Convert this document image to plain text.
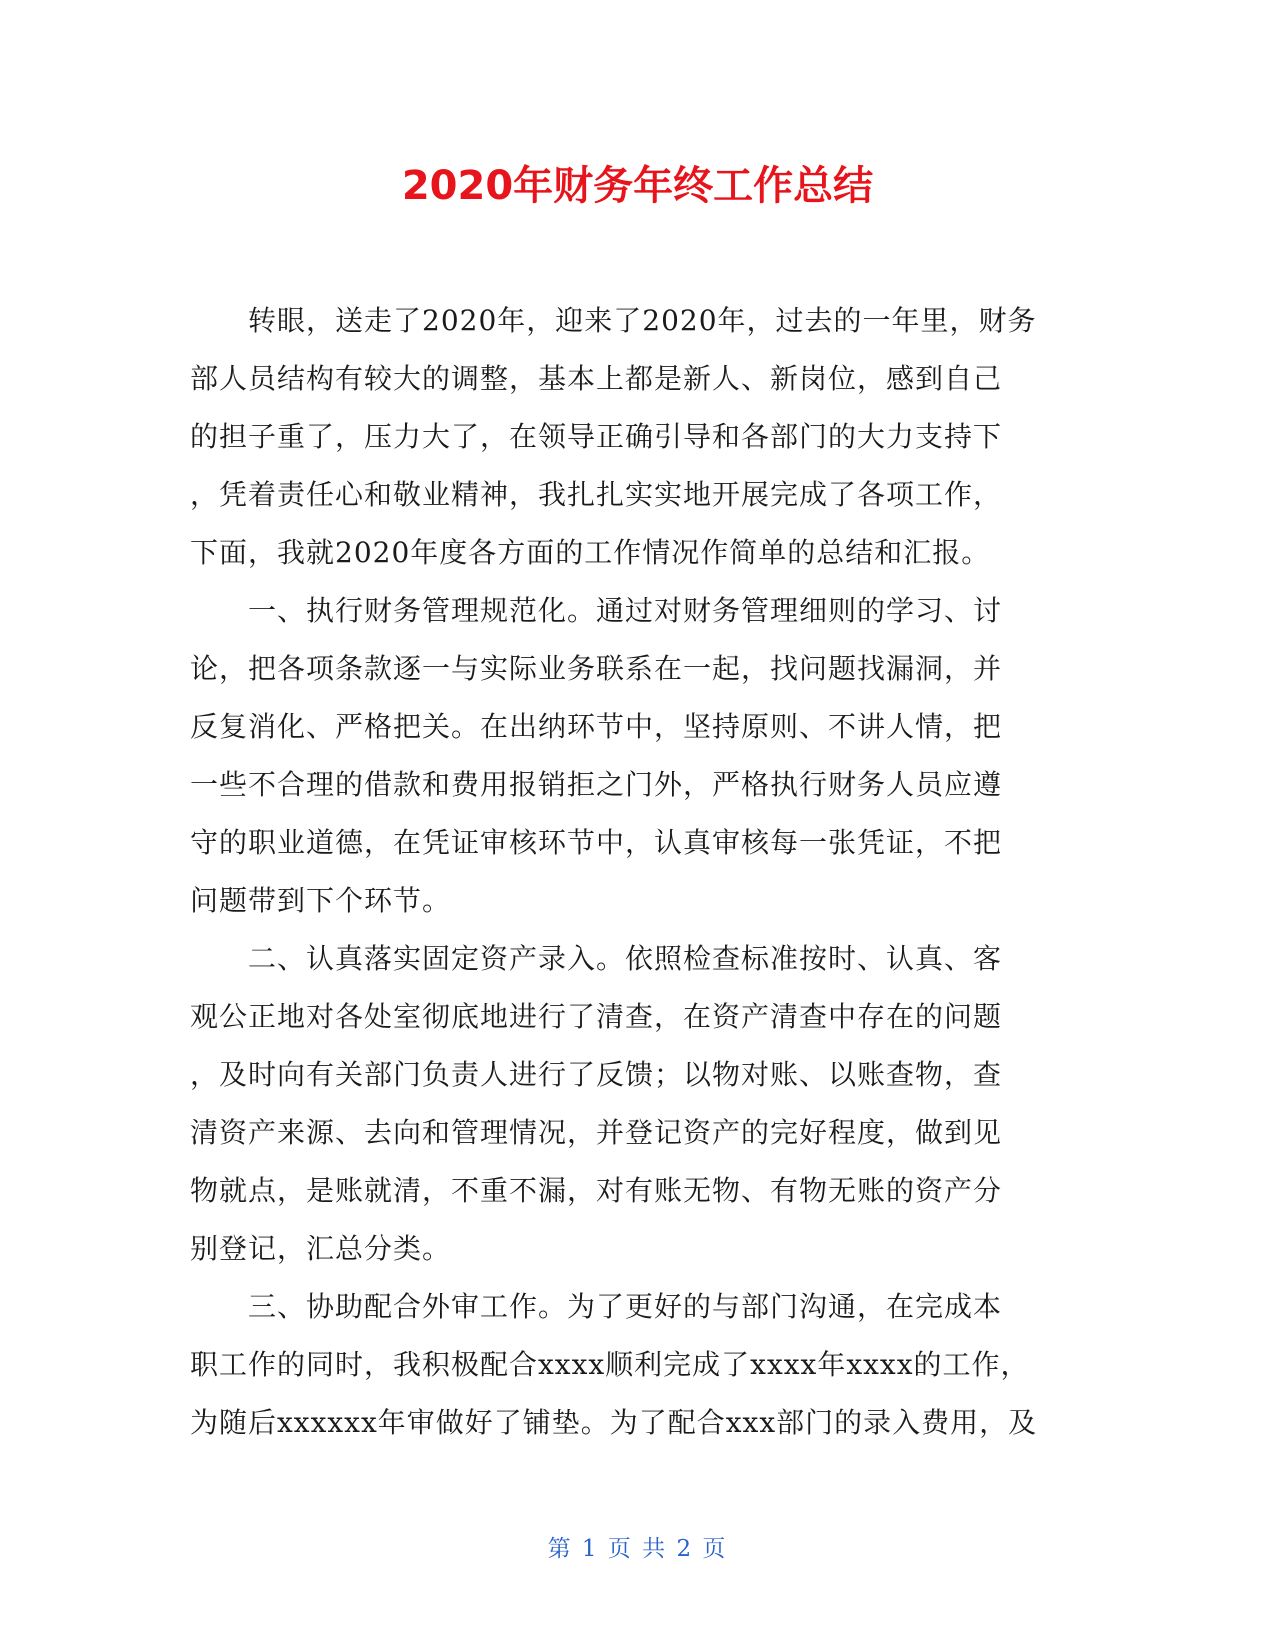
2020年财务年终工作总结
　　转眼，送走了2020年，迎来了2020年，过去的一年里，财务
部人员结构有较大的调整，基本上都是新人、新岗位，感到自己
的担子重了，压力大了，在领导正确引导和各部门的大力支持下
，凭着责任心和敬业精神，我扎扎实实地开展完成了各项工作，
下面，我就2020年度各方面的工作情况作简单的总结和汇报。
　　一、执行财务管理规范化。通过对财务管理细则的学习、讨
论，把各项条款逐一与实际业务联系在一起，找问题找漏洞，并
反复消化、严格把关。在出纳环节中，坚持原则、不讲人情，把
一些不合理的借款和费用报销拒之门外，严格执行财务人员应遵
守的职业道德，在凭证审核环节中，认真审核每一张凭证，不把
问题带到下个环节。
　　二、认真落实固定资产录入。依照检查标准按时、认真、客
观公正地对各处室彻底地进行了清查，在资产清查中存在的问题
，及时向有关部门负责人进行了反馈；以物对账、以账查物，查
清资产来源、去向和管理情况，并登记资产的完好程度，做到见
物就点，是账就清，不重不漏，对有账无物、有物无账的资产分
别登记，汇总分类。
　　三、协助配合外审工作。为了更好的与部门沟通，在完成本
职工作的同时，我积极配合xxxx顺利完成了xxxx年xxxx的工作，
为随后xxxxxx年审做好了铺垫。为了配合xxx部门的录入费用，及
第 1 页 共 2 页
